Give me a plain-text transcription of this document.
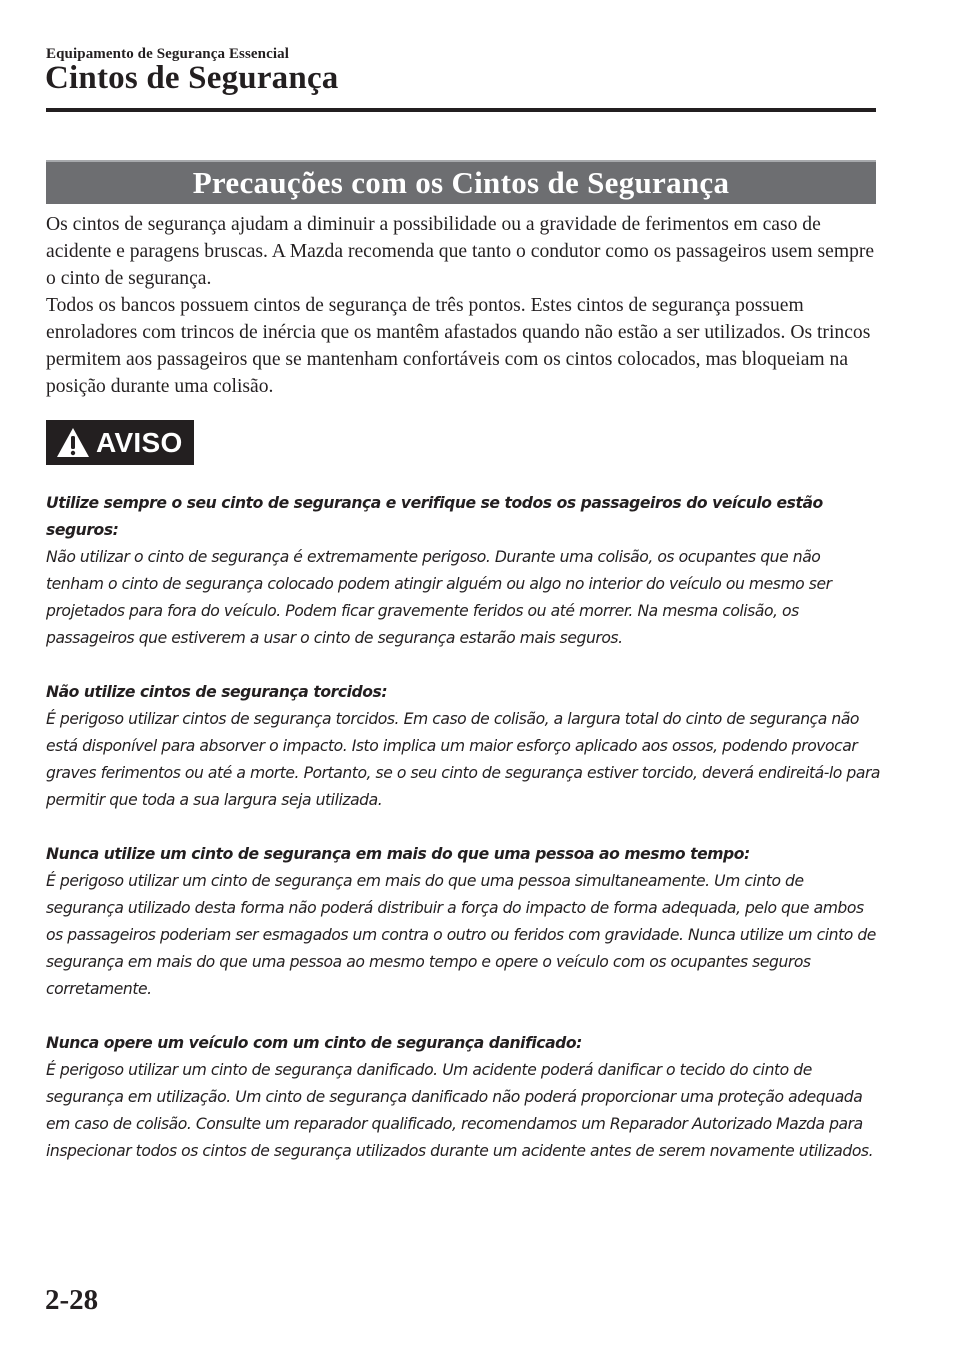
Equipamento de Segurança Essencial
Cintos de Segurança
Precauções com os Cintos de Segurança

Os cintos de segurança ajudam a diminuir a possibilidade ou a gravidade de ferimentos em caso de acidente e paragens bruscas. A Mazda recomenda que tanto o condutor como os passageiros usem sempre o cinto de segurança.

Todos os bancos possuem cintos de segurança de três pontos. Estes cintos de segurança possuem enroladores com trincos de inércia que os mantêm afastados quando não estão a ser utilizados. Os trincos permitem aos passageiros que se mantenham confortáveis com os cintos colocados, mas bloqueiam na posição durante uma colisão.

AVISO

Utilize sempre o seu cinto de segurança e verifique se todos os passageiros do veículo estão seguros:

Não utilizar o cinto de segurança é extremamente perigoso. Durante uma colisão, os ocupantes que não tenham o cinto de segurança colocado podem atingir alguém ou algo no interior do veículo ou mesmo ser projetados para fora do veículo. Podem ficar gravemente feridos ou até morrer. Na mesma colisão, os passageiros que estiverem a usar o cinto de segurança estarão mais seguros.

Não utilize cintos de segurança torcidos:

É perigoso utilizar cintos de segurança torcidos. Em caso de colisão, a largura total do cinto de segurança não está disponível para absorver o impacto. Isto implica um maior esforço aplicado aos ossos, podendo provocar graves ferimentos ou até a morte. Portanto, se o seu cinto de segurança estiver torcido, deverá endireitá-lo para permitir que toda a sua largura seja utilizada.

Nunca utilize um cinto de segurança em mais do que uma pessoa ao mesmo tempo:

É perigoso utilizar um cinto de segurança em mais do que uma pessoa simultaneamente. Um cinto de segurança utilizado desta forma não poderá distribuir a força do impacto de forma adequada, pelo que ambos os passageiros poderiam ser esmagados um contra o outro ou feridos com gravidade. Nunca utilize um cinto de segurança em mais do que uma pessoa ao mesmo tempo e opere o veículo com os ocupantes seguros corretamente.

Nunca opere um veículo com um cinto de segurança danificado:

É perigoso utilizar um cinto de segurança danificado. Um acidente poderá danificar o tecido do cinto de segurança em utilização. Um cinto de segurança danificado não poderá proporcionar uma proteção adequada em caso de colisão. Consulte um reparador qualificado, recomendamos um Reparador Autorizado Mazda para inspecionar todos os cintos de segurança utilizados durante um acidente antes de serem novamente utilizados.

2-28
